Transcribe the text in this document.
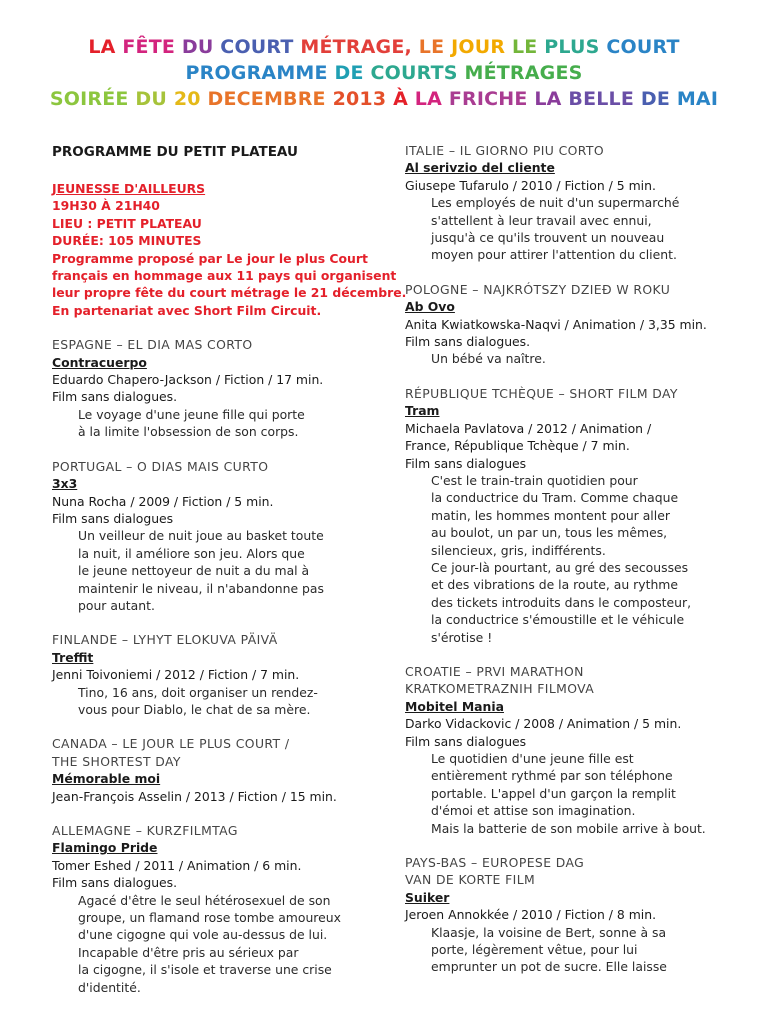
LA FÊTE DU COURT MÉTRAGE, LE JOUR LE PLUS COURT
PROGRAMME DE COURTS MÉTRAGES
SOIRÉE DU 20 DECEMBRE 2013 À LA FRICHE LA BELLE DE MAI
PROGRAMME DU PETIT PLATEAU
JEUNESSE D'AILLEURS
19H30 À 21H40
LIEU : PETIT PLATEAU
DURÉE: 105 MINUTES
Programme proposé par Le jour le plus Court
français en hommage aux 11 pays qui organisent
leur propre fête du court métrage le 21 décembre.
En partenariat avec Short Film Circuit.
ESPAGNE – EL DIA MAS CORTO
Contracuerpo
Eduardo Chapero-Jackson / Fiction / 17 min.
Film sans dialogues.
Le voyage d'une jeune fille qui porte
à la limite l'obsession de son corps.
PORTUGAL – O DIAS MAIS CURTO
3x3
Nuna Rocha / 2009 / Fiction / 5 min.
Film sans dialogues
Un veilleur de nuit joue au basket toute
la nuit, il améliore son jeu. Alors que
le jeune nettoyeur de nuit a du mal à
maintenir le niveau, il n'abandonne pas
pour autant.
FINLANDE – LYHYT ELOKUVA PÄIVÄ
Treffit
Jenni Toivoniemi / 2012 / Fiction / 7 min.
Tino, 16 ans, doit organiser un rendez-
vous pour Diablo, le chat de sa mère.
CANADA – LE JOUR LE PLUS COURT /
THE SHORTEST DAY
Mémorable moi
Jean-François Asselin / 2013 / Fiction / 15 min.
ALLEMAGNE – KURZFILMTAG
Flamingo Pride
Tomer Eshed / 2011 / Animation / 6 min.
Film sans dialogues.
Agacé d'être le seul hétérosexuel de son
groupe, un flamand rose tombe amoureux
d'une cigogne qui vole au-dessus de lui.
Incapable d'être pris au sérieux par
la cigogne, il s'isole et traverse une crise
d'identité.
ITALIE – IL GIORNO PIU CORTO
Al serivzio del cliente
Giusepe Tufarulo / 2010 / Fiction / 5 min.
Les employés de nuit d'un supermarché
s'attellent à leur travail avec ennui,
jusqu'à ce qu'ils trouvent un nouveau
moyen pour attirer l'attention du client.
POLOGNE – NAJKRÓTSZY DZIEĐ W ROKU
Ab Ovo
Anita Kwiatkowska-Naqvi / Animation / 3,35 min.
Film sans dialogues.
Un bébé va naître.
RÉPUBLIQUE TCHÈQUE – SHORT FILM DAY
Tram
Michaela Pavlatova / 2012 / Animation /
France, République Tchèque / 7 min.
Film sans dialogues
C'est le train-train quotidien pour
la conductrice du Tram. Comme chaque
matin, les hommes montent pour aller
au boulot, un par un, tous les mêmes,
silencieux, gris, indifférents.
Ce jour-là pourtant, au gré des secousses
et des vibrations de la route, au rythme
des tickets introduits dans le composteur,
la conductrice s'émoustille et le véhicule
s'érotise !
CROATIE – PRVI MARATHON
KRATKOMETRAZNIH FILMOVA
Mobitel Mania
Darko Vidackovic / 2008 / Animation / 5 min.
Film sans dialogues
Le quotidien d'une jeune fille est
entièrement rythmé par son téléphone
portable. L'appel d'un garçon la remplit
d'émoi et attise son imagination.
Mais la batterie de son mobile arrive à bout.
PAYS-BAS – EUROPESE DAG
VAN DE KORTE FILM
Suiker
Jeroen Annokkée / 2010 / Fiction / 8 min.
Klaasje, la voisine de Bert, sonne à sa
porte, légèrement vêtue, pour lui
emprunter un pot de sucre. Elle laisse
